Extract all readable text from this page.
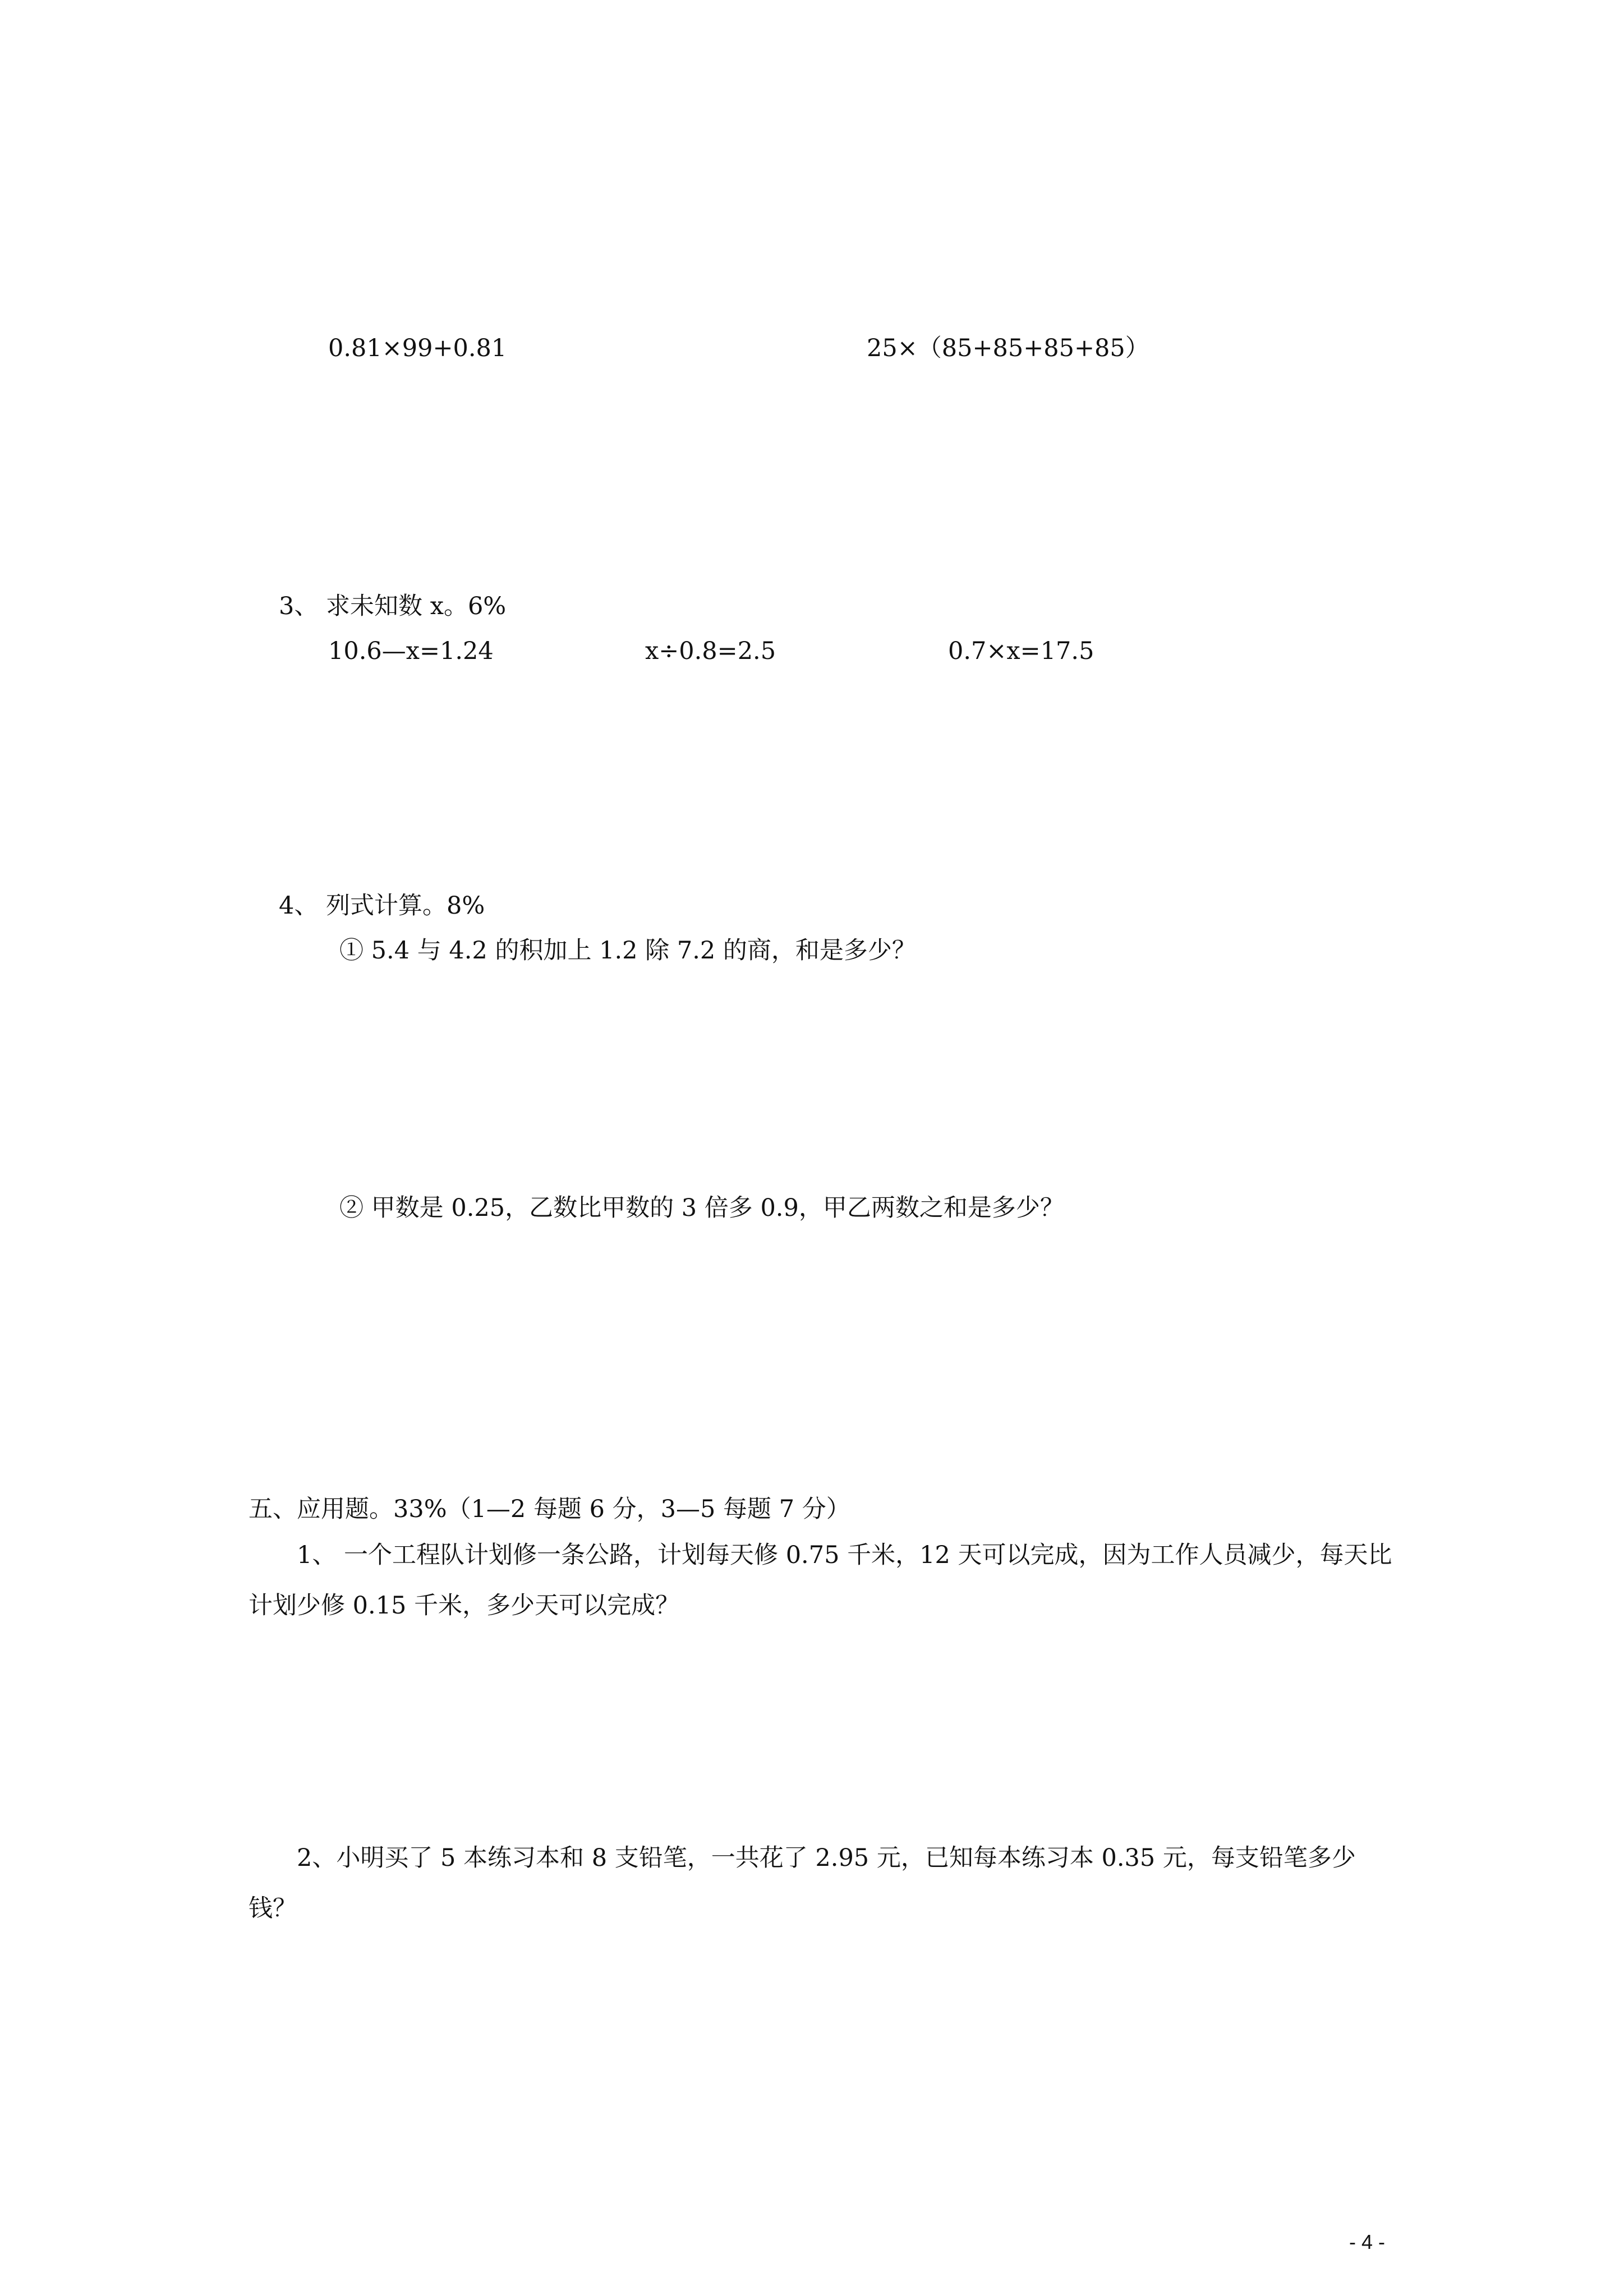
0.81×99+0.81	25×（85+85+85+85）
3、 求未知数 x。6%
10.6—x=1.24	x÷0.8=2.5	0.7×x=17.5
4、 列式计算。8%
① 5.4 与 4.2 的积加上 1.2 除 7.2 的商，和是多少？
② 甲数是 0.25，乙数比甲数的 3 倍多 0.9，甲乙两数之和是多少？
五、应用题。33%（1—2 每题 6 分，3—5 每题 7 分）
1、 一个工程队计划修一条公路，计划每天修 0.75 千米，12 天可以完成，因为工作人员减少，每天比计划少修 0.15 千米，多少天可以完成？
2、小明买了 5 本练习本和 8 支铅笔，一共花了 2.95 元，已知每本练习本 0.35 元，每支铅笔多少钱？
- 4 -
